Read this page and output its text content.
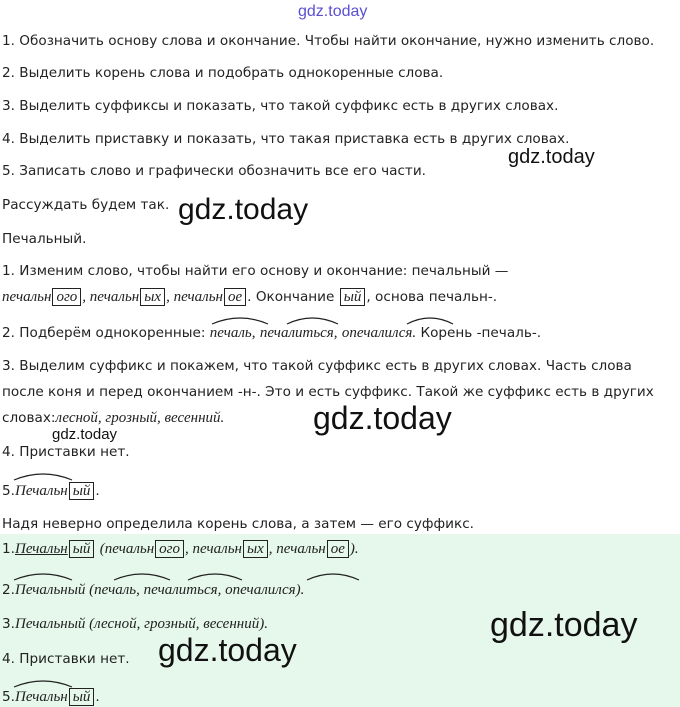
gdz.today
1. Обозначить основу слова и окончание. Чтобы найти окончание, нужно изменить слово.
2. Выделить корень слова и подобрать однокоренные слова.
3. Выделить суффиксы и показать, что такой суффикс есть в других словах.
4. Выделить приставку и показать, что такая приставка есть в других словах.
5. Записать слово и графически обозначить все его части.
gdz.today
Рассуждать будем так. gdz.today
Печальный.
1. Изменим слово, чтобы найти его основу и окончание: печальный —
печальн ого , печальн ых , печальн ое . Окончание ый , основа печальн-.
2. Подберём однокоренные: печаль, печалиться, опечалился. Корень -печаль-.
3. Выделим суффикс и покажем, что такой суффикс есть в других словах. Часть слова
после коня и перед окончанием -н-. Это и есть суффикс. Такой же суффикс есть в других
словах:лесной, грозный, весенний.	gdz.today
gdz.today
4. Приставки нет.
5.Печальн ый .
Надя неверно определила корень слова, а затем — его суффикс.
1.Печальн ый (печальн ого , печальн ых , печальн ое ).
2.Печальный (печаль, печалиться, опечалился).
3.Печальный (лесной, грозный, весенний).	gdz.today
4. Приставки нет. gdz.today
5.Печальн ый .
